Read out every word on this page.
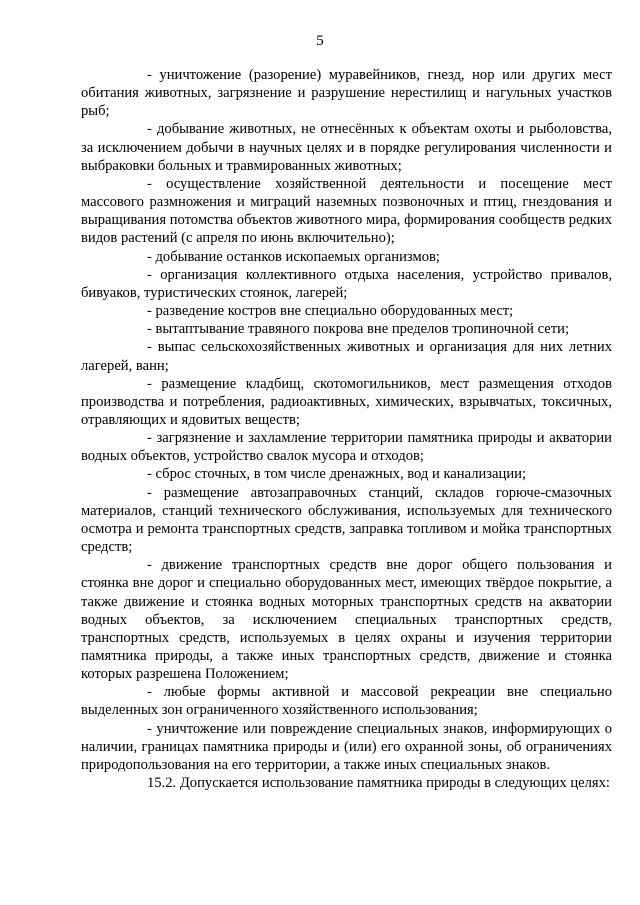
5

- уничтожение (разорение) муравейников, гнезд, нор или других мест обитания животных, загрязнение и разрушение нерестилищ и нагульных участков рыб;

- добывание животных, не отнесённых к объектам охоты и рыболовства, за исключением добычи в научных целях и в порядке регулирования численности и выбраковки больных и травмированных животных;

- осуществление хозяйственной деятельности и посещение мест массового размножения и миграций наземных позвоночных и птиц, гнездования и выращивания потомства объектов животного мира, формирования сообществ редких видов растений (с апреля по июнь включительно);

- добывание останков ископаемых организмов;

- организация коллективного отдыха населения, устройство привалов, бивуаков, туристических стоянок, лагерей;

- разведение костров вне специально оборудованных мест;

- вытаптывание травяного покрова вне пределов тропиночной сети;

- выпас сельскохозяйственных животных и организация для них летних лагерей, ванн;

- размещение кладбищ, скотомогильников, мест размещения отходов производства и потребления, радиоактивных, химических, взрывчатых, токсичных, отравляющих и ядовитых веществ;

- загрязнение и захламление территории памятника природы и акватории водных объектов, устройство свалок мусора и отходов;

- сброс сточных, в том числе дренажных, вод и канализации;

- размещение автозаправочных станций, складов горюче-смазочных материалов, станций технического обслуживания, используемых для технического осмотра и ремонта транспортных средств, заправка топливом и мойка транспортных средств;

- движение транспортных средств вне дорог общего пользования и стоянка вне дорог и специально оборудованных мест, имеющих твёрдое покрытие, а также движение и стоянка водных моторных транспортных средств на акватории водных объектов, за исключением специальных транспортных средств, транспортных средств, используемых в целях охраны и изучения территории памятника природы, а также иных транспортных средств, движение и стоянка которых разрешена Положением;

- любые формы активной и массовой рекреации вне специально выделенных зон ограниченного хозяйственного использования;

- уничтожение или повреждение специальных знаков, информирующих о наличии, границах памятника природы и (или) его охранной зоны, об ограничениях природопользования на его территории, а также иных специальных знаков.

15.2. Допускается использование памятника природы в следующих целях:
